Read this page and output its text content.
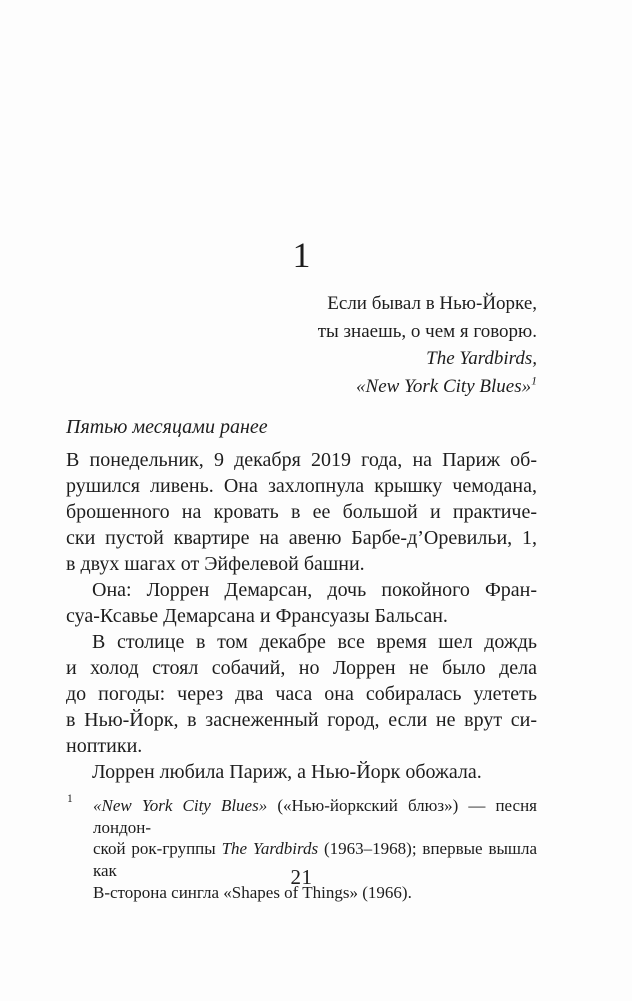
1
Если бывал в Нью-Йорке,
ты знаешь, о чем я говорю.
The Yardbirds,
«New York City Blues»$^1$
Пятью месяцами ранее
В понедельник, 9 декабря 2019 года, на Париж об-
рушился ливень. Она захлопнула крышку чемодана,
брошенного на кровать в ее большой и практиче-
ски пустой квартире на авеню Барбе-д’Оревильи, 1,
в двух шагах от Эйфелевой башни.
Она: Лоррен Демарсан, дочь покойного Фран-
суа-Ксавье Демарсана и Франсуазы Бальсан.
В столице в том декабре все время шел дождь
и холод стоял собачий, но Лоррен не было дела
до погоды: через два часа она собиралась улететь
в Нью-Йорк, в заснеженный город, если не врут си-
ноптики.
Лоррен любила Париж, а Нью-Йорк обожала.
1 «New York City Blues» («Нью-йоркский блюз») — песня лондон-
ской рок-группы The Yardbirds (1963–1968); впервые вышла как
В-сторона сингла «Shapes of Things» (1966).
21
